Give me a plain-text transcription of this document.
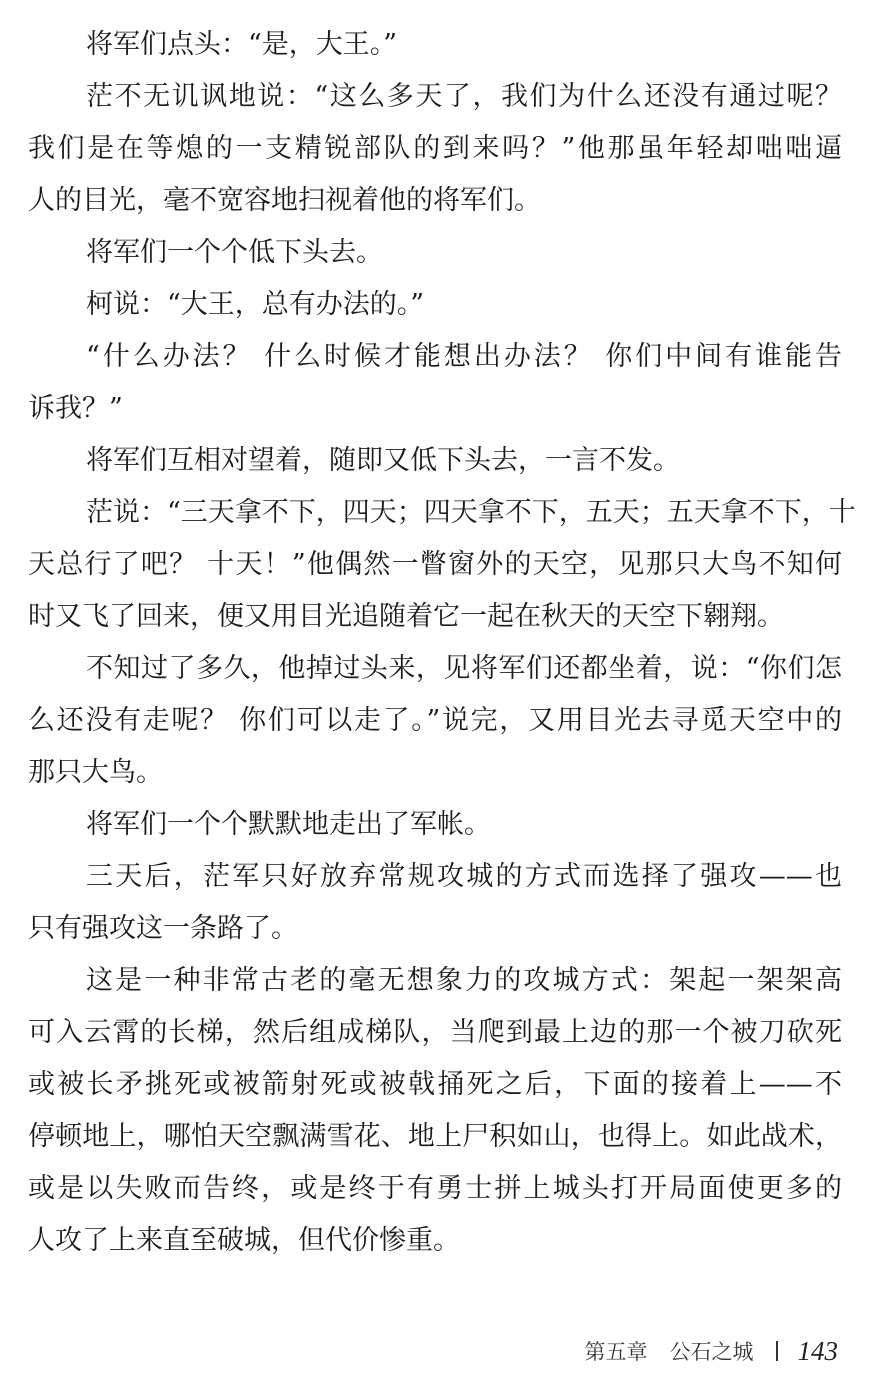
将军们点头：“是，大王。”
茫不无讥讽地说：“这么多天了，我们为什么还没有通过呢？
我们是在等熄的一支精锐部队的到来吗？”他那虽年轻却咄咄逼
人的目光，毫不宽容地扫视着他的将军们。
将军们一个个低下头去。
柯说：“大王，总有办法的。”
“什么办法？ 什么时候才能想出办法？ 你们中间有谁能告
诉我？”
将军们互相对望着，随即又低下头去，一言不发。
茫说：“三天拿不下，四天；四天拿不下，五天；五天拿不下，十
天总行了吧？ 十天！”他偶然一瞥窗外的天空，见那只大鸟不知何
时又飞了回来，便又用目光追随着它一起在秋天的天空下翱翔。
不知过了多久，他掉过头来，见将军们还都坐着，说：“你们怎
么还没有走呢？ 你们可以走了。”说完，又用目光去寻觅天空中的
那只大鸟。
将军们一个个默默地走出了军帐。
三天后，茫军只好放弃常规攻城的方式而选择了强攻——也
只有强攻这一条路了。
这是一种非常古老的毫无想象力的攻城方式：架起一架架高
可入云霄的长梯，然后组成梯队，当爬到最上边的那一个被刀砍死
或被长矛挑死或被箭射死或被戟捅死之后，下面的接着上——不
停顿地上，哪怕天空飘满雪花、地上尸积如山，也得上。如此战术，
或是以失败而告终，或是终于有勇士拼上城头打开局面使更多的
人攻了上来直至破城，但代价惨重。
第五章 公石之城 143
